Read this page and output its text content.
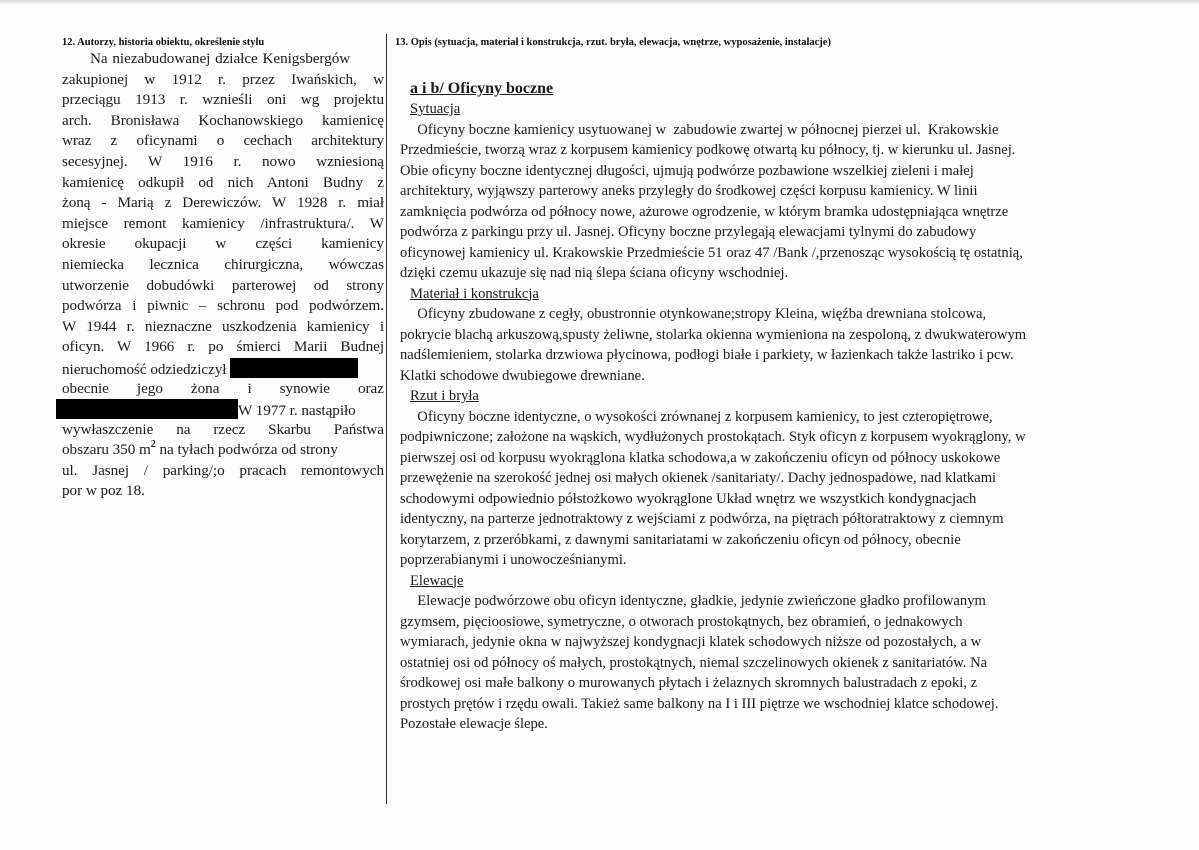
12. Autorzy, historia obiektu, określenie stylu
Na niezabudowanej działce Kenigsbergów
zakupionej w 1912 r. przez Iwańskich, w
przeciągu 1913 r. wznieśli oni wg projektu
arch. Bronisława Kochanowskiego kamienicę
wraz z oficynami o cechach architektury
secesyjnej. W 1916 r. nowo wzniesioną
kamienicę odkupił od nich Antoni Budny z
żoną - Marią z Derewiczów. W 1928 r. miał
miejsce remont kamienicy /infrastruktura/. W
okresie okupacji w części kamienicy
niemiecka lecznica chirurgiczna, wówczas
utworzenie dobudówki parterowej od strony
podwórza i piwnic – schronu pod podwórzem.
W 1944 r. nieznaczne uszkodzenia kamienicy i
oficyn. W 1966 r. po śmierci Marii Budnej
nieruchomość odziedziczył
obecnie jego żona i synowie oraz
W 1977 r. nastąpiło
wywłaszczenie na rzecz Skarbu Państwa
obszaru 350 $m^2$ na tyłach podwórza od strony
ul. Jasnej / parking/;o pracach remontowych
por w poz 18.
13. Opis (sytuacja, materiał i konstrukcja, rzut. bryła, elewacja, wnętrze, wyposażenie, instalacje)
a i b/ Oficyny boczne
Sytuacja
Oficyny boczne kamienicy usytuowanej w  zabudowie zwartej w północnej pierzei ul.  Krakowskie
Przedmieście, tworzą wraz z korpusem kamienicy podkowę otwartą ku północy, tj. w kierunku ul. Jasnej.
Obie oficyny boczne identycznej długości, ujmują podwórze pozbawione wszelkiej zieleni i małej
architektury, wyjąwszy parterowy aneks przyległy do środkowej części korpusu kamienicy. W linii
zamknięcia podwórza od północy nowe, ażurowe ogrodzenie, w którym bramka udostępniająca wnętrze
podwórza z parkingu przy ul. Jasnej. Oficyny boczne przylegają elewacjami tylnymi do zabudowy
oficynowej kamienicy ul. Krakowskie Przedmieście 51 oraz 47 /Bank /,przenosząc wysokością tę ostatnią,
dzięki czemu ukazuje się nad nią ślepa ściana oficyny wschodniej.
Materiał i konstrukcja
Oficyny zbudowane z cegły, obustronnie otynkowane;stropy Kleina, więźba drewniana stolcowa,
pokrycie blachą arkuszową,spusty żeliwne, stolarka okienna wymieniona na zespoloną, z dwukwaterowym
nadślemieniem, stolarka drzwiowa płycinowa, podłogi białe i parkiety, w łazienkach także lastriko i pcw.
Klatki schodowe dwubiegowe drewniane.
Rzut i bryła
Oficyny boczne identyczne, o wysokości zrównanej z korpusem kamienicy, to jest czteropiętrowe,
podpiwniczone; założone na wąskich, wydłużonych prostokątach. Styk oficyn z korpusem wyokrąglony, w
pierwszej osi od korpusu wyokrąglona klatka schodowa,a w zakończeniu oficyn od północy uskokowe
przewężenie na szerokość jednej osi małych okienek /sanitariaty/. Dachy jednospadowe, nad klatkami
schodowymi odpowiednio półstożkowo wyokrąglone Układ wnętrz we wszystkich kondygnacjach
identyczny, na parterze jednotraktowy z wejściami z podwórza, na piętrach półtoratraktowy z ciemnym
korytarzem, z przeróbkami, z dawnymi sanitariatami w zakończeniu oficyn od północy, obecnie
poprzerabianymi i unowocześnianymi.
Elewacje
Elewacje podwórzowe obu oficyn identyczne, gładkie, jedynie zwieńczone gładko profilowanym
gzymsem, pięcioosiowe, symetryczne, o otworach prostokątnych, bez obramień, o jednakowych
wymiarach, jedynie okna w najwyższej kondygnacji klatek schodowych niższe od pozostałych, a w
ostatniej osi od północy oś małych, prostokątnych, niemal szczelinowych okienek z sanitariatów. Na
środkowej osi małe balkony o murowanych płytach i żelaznych skromnych balustradach z epoki, z
prostych prętów i rzędu owali. Takież same balkony na I i III piętrze we wschodniej klatce schodowej.
Pozostałe elewacje ślepe.
